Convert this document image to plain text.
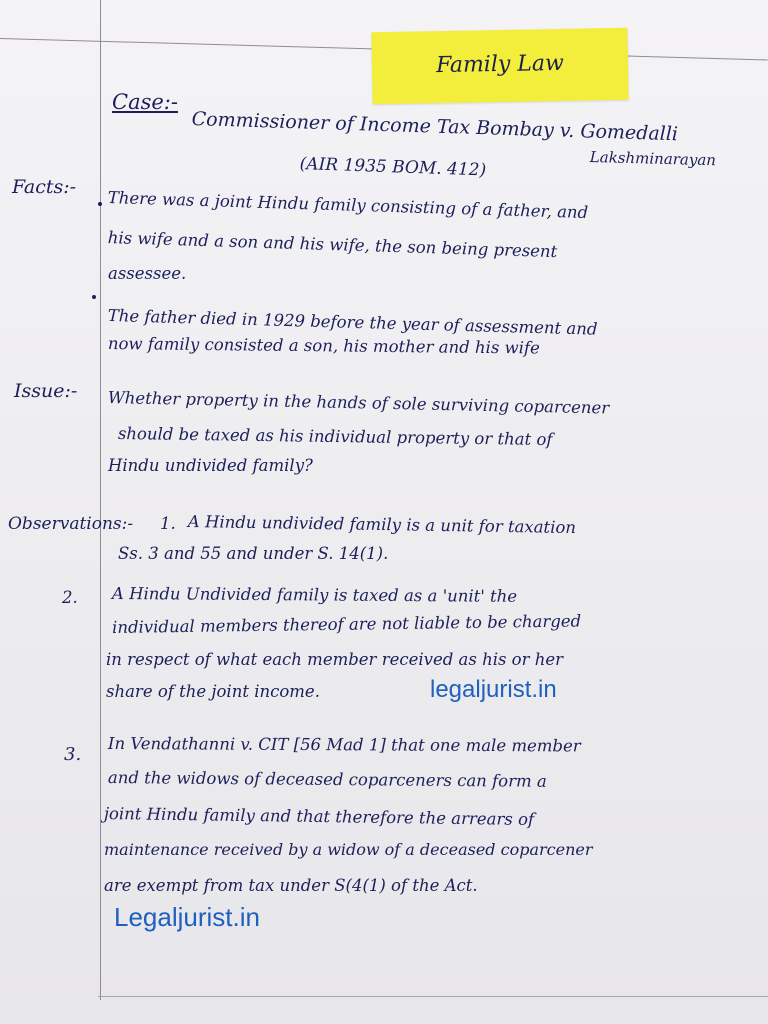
Family Law
Case:-
Commissioner of Income Tax Bombay v. Gomedalli
(AIR 1935 BOM. 412)	Lakshminarayan
Facts:-
There was a joint Hindu family consisting of a father, and
his wife and a son and his wife, the son being present
assessee.
The father died in 1929 before the year of assessment and
now family consisted a son, his mother and his wife
Issue:- Whether property in the hands of sole surviving coparcener
should be taxed as his individual property or that of
Hindu undivided family?
Observations:- 1. A Hindu undivided family is a unit for taxation
Ss. 3 and 55 and under S. 14(1).
2. A Hindu Undivided family is taxed as a 'unit' the
individual members thereof are not liable to be charged
in respect of what each member received as his or her
share of the joint income.	legaljurist.in
3. In Vendathanni v. CIT [56 Mad 1] that one male member
and the widows of deceased coparceners can form a
joint Hindu family and that therefore the arrears of
maintenance received by a widow of a deceased coparcener
are exempt from tax under S(4(1) of the Act.
Legaljurist.in
